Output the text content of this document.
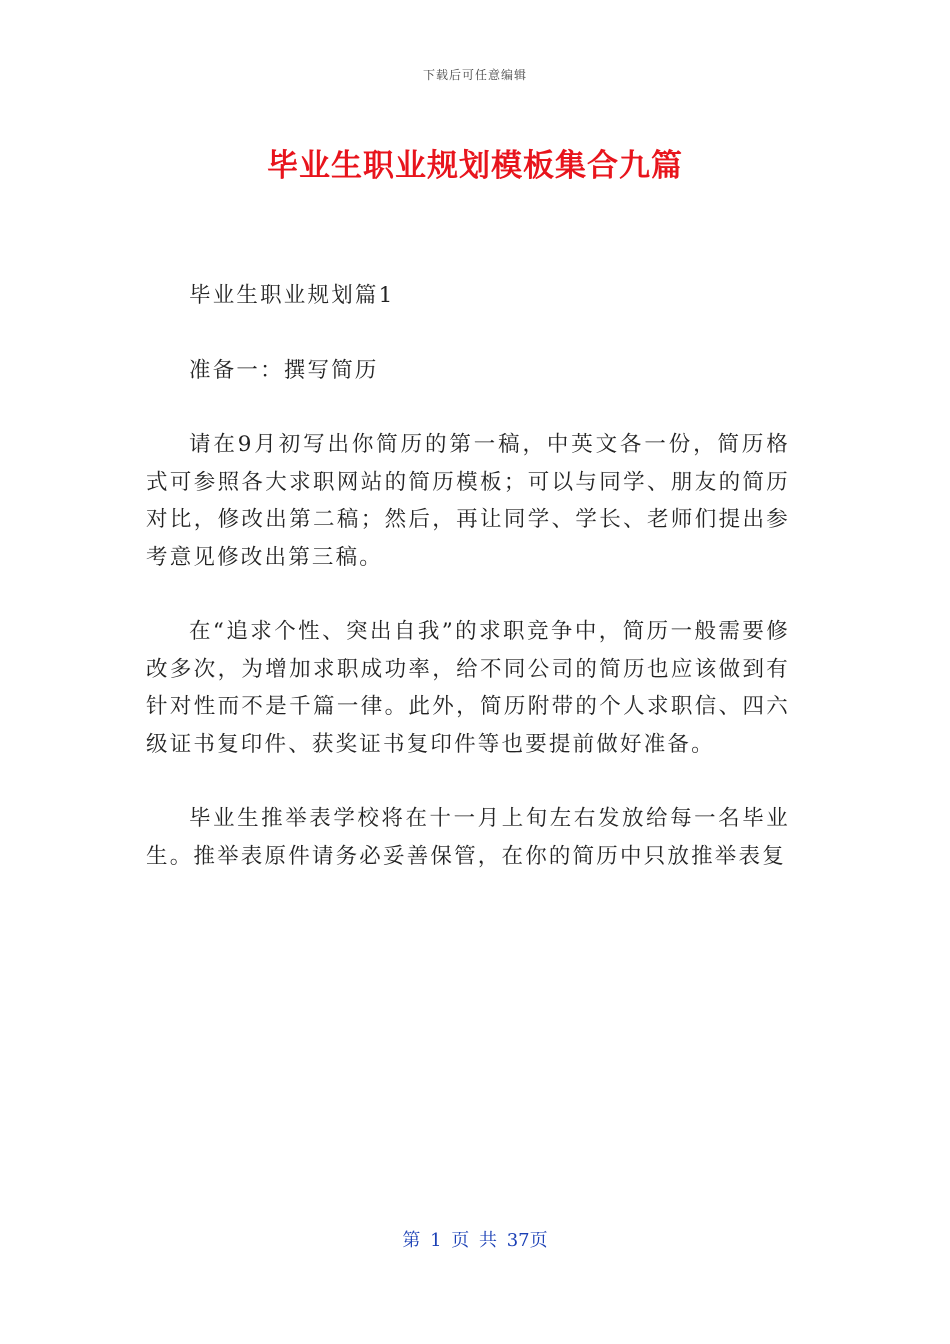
下载后可任意编辑
毕业生职业规划模板集合九篇

毕业生职业规划篇1

准备一：撰写简历

请在9月初写出你简历的第一稿，中英文各一份，简历格式可参照各大求职网站的简历模板；可以与同学、朋友的简历对比，修改出第二稿；然后，再让同学、学长、老师们提出参考意见修改出第三稿。

在“追求个性、突出自我”的求职竞争中，简历一般需要修改多次，为增加求职成功率，给不同公司的简历也应该做到有针对性而不是千篇一律。此外，简历附带的个人求职信、四六级证书复印件、获奖证书复印件等也要提前做好准备。

毕业生推举表学校将在十一月上旬左右发放给每一名毕业生。推举表原件请务必妥善保管，在你的简历中只放推举表复

第 1 页 共 37页
